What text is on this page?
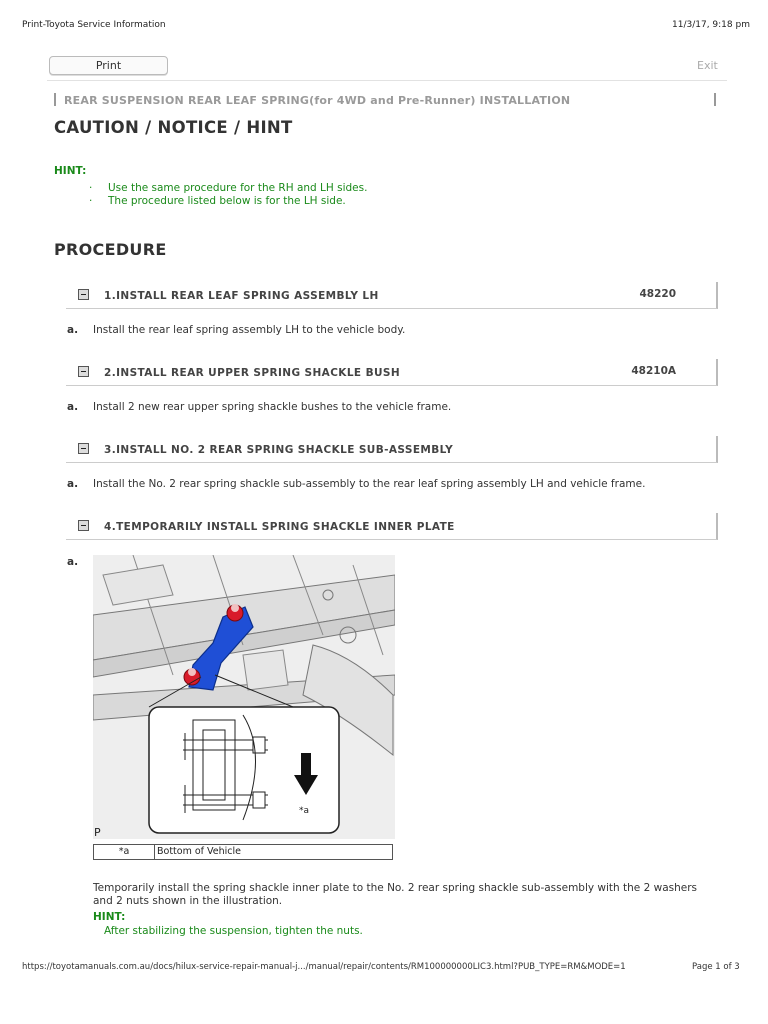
Print-Toyota Service Information	11/3/17, 9:18 pm
Print	Exit
REAR SUSPENSION REAR LEAF SPRING(for 4WD and Pre-Runner) INSTALLATION
CAUTION / NOTICE / HINT
HINT:
· Use the same procedure for the RH and LH sides.
· The procedure listed below is for the LH side.
PROCEDURE
1.INSTALL REAR LEAF SPRING ASSEMBLY LH	48220
a. Install the rear leaf spring assembly LH to the vehicle body.
2.INSTALL REAR UPPER SPRING SHACKLE BUSH	48210A
a. Install 2 new rear upper spring shackle bushes to the vehicle frame.
3.INSTALL NO. 2 REAR SPRING SHACKLE SUB-ASSEMBLY
a. Install the No. 2 rear spring shackle sub-assembly to the rear leaf spring assembly LH and vehicle frame.
4.TEMPORARILY INSTALL SPRING SHACKLE INNER PLATE
a.
*a
P
*a	Bottom of Vehicle
Temporarily install the spring shackle inner plate to the No. 2 rear spring shackle sub-assembly with the 2 washers and 2 nuts shown in the illustration.
HINT:
After stabilizing the suspension, tighten the nuts.
https://toyotamanuals.com.au/docs/hilux-service-repair-manual-j.../manual/repair/contents/RM100000000LIC3.html?PUB_TYPE=RM&MODE=1	Page 1 of 3
